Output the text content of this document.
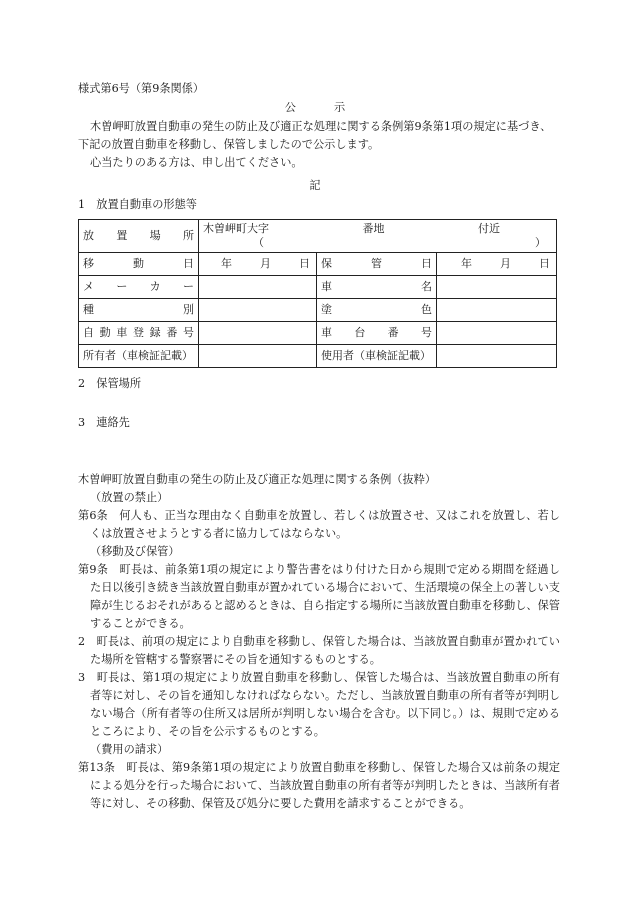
様式第6号（第9条関係）
公	示

木曽岬町放置自動車の発生の防止及び適正な処理に関する条例第9条第1項の規定に基づき、下記の放置自動車を移動し、保管しましたので公示します。

心当たりのある方は、申し出てください。

記
1　放置自動車の形態等
放置場所	木曽岬町大字 番地 付近
（ ）		

移動日	年 月 日	保管日	年 月 日

メーカー		車名	
種別		塗色	
自動車登録番号		車台番号	
所有者（車検証記載）		使用者（車検証記載）	
2　保管場所
3　連絡先

木曽岬町放置自動車の発生の防止及び適正な処理に関する条例（抜粋）

（放置の禁止）

第6条　何人も、正当な理由なく自動車を放置し、若しくは放置させ、又はこれを放置し、若しくは放置させようとする者に協力してはならない。

（移動及び保管）

第9条　町長は、前条第1項の規定により警告書をはり付けた日から規則で定める期間を経過した日以後引き続き当該放置自動車が置かれている場合において、生活環境の保全上の著しい支障が生じるおそれがあると認めるときは、自ら指定する場所に当該放置自動車を移動し、保管することができる。

2　町長は、前項の規定により自動車を移動し、保管した場合は、当該放置自動車が置かれていた場所を管轄する警察署にその旨を通知するものとする。

3　町長は、第1項の規定により放置自動車を移動し、保管した場合は、当該放置自動車の所有者等に対し、その旨を通知しなければならない。ただし、当該放置自動車の所有者等が判明しない場合（所有者等の住所又は居所が判明しない場合を含む。以下同じ。）は、規則で定めるところにより、その旨を公示するものとする。

（費用の請求）

第13条　町長は、第9条第1項の規定により放置自動車を移動し、保管した場合又は前条の規定による処分を行った場合において、当該放置自動車の所有者等が判明したときは、当該所有者等に対し、その移動、保管及び処分に要した費用を請求することができる。
